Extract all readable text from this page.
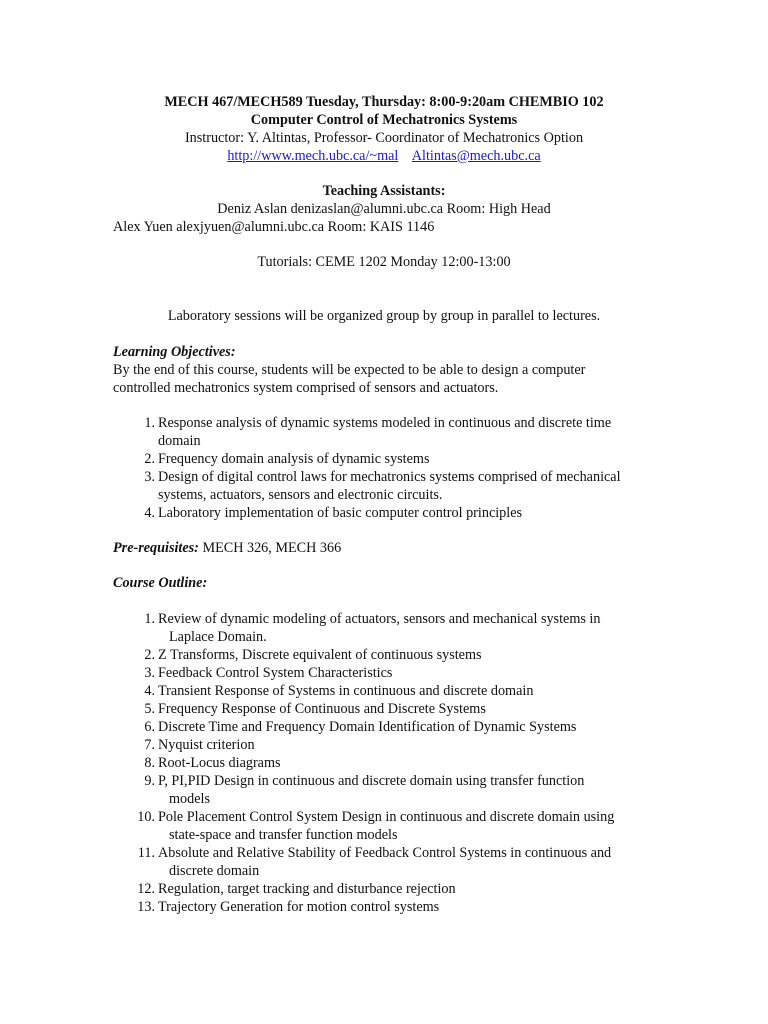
MECH 467/MECH589 Tuesday, Thursday: 8:00-9:20am CHEMBIO 102
Computer Control of Mechatronics Systems
Instructor: Y. Altintas, Professor- Coordinator of Mechatronics Option
http://www.mech.ubc.ca/~mal Altintas@mech.ubc.ca
Teaching Assistants:
Deniz Aslan denizaslan@alumni.ubc.ca Room: High Head
Alex Yuen alexjyuen@alumni.ubc.ca Room: KAIS 1146
Tutorials: CEME 1202 Monday 12:00-13:00
Laboratory sessions will be organized group by group in parallel to lectures.
Learning Objectives:
By the end of this course, students will be expected to be able to design a computer
controlled mechatronics system comprised of sensors and actuators.
1. Response analysis of dynamic systems modeled in continuous and discrete time
domain
2. Frequency domain analysis of dynamic systems
3. Design of digital control laws for mechatronics systems comprised of mechanical
systems, actuators, sensors and electronic circuits.
4. Laboratory implementation of basic computer control principles
Pre-requisites: MECH 326, MECH 366
Course Outline:
1. Review of dynamic modeling of actuators, sensors and mechanical systems in
Laplace Domain.
2. Z Transforms, Discrete equivalent of continuous systems
3. Feedback Control System Characteristics
4. Transient Response of Systems in continuous and discrete domain
5. Frequency Response of Continuous and Discrete Systems
6. Discrete Time and Frequency Domain Identification of Dynamic Systems
7. Nyquist criterion
8. Root-Locus diagrams
9. P, PI,PID Design in continuous and discrete domain using transfer function
models
10. Pole Placement Control System Design in continuous and discrete domain using
state-space and transfer function models
11. Absolute and Relative Stability of Feedback Control Systems in continuous and
discrete domain
12. Regulation, target tracking and disturbance rejection
13. Trajectory Generation for motion control systems
